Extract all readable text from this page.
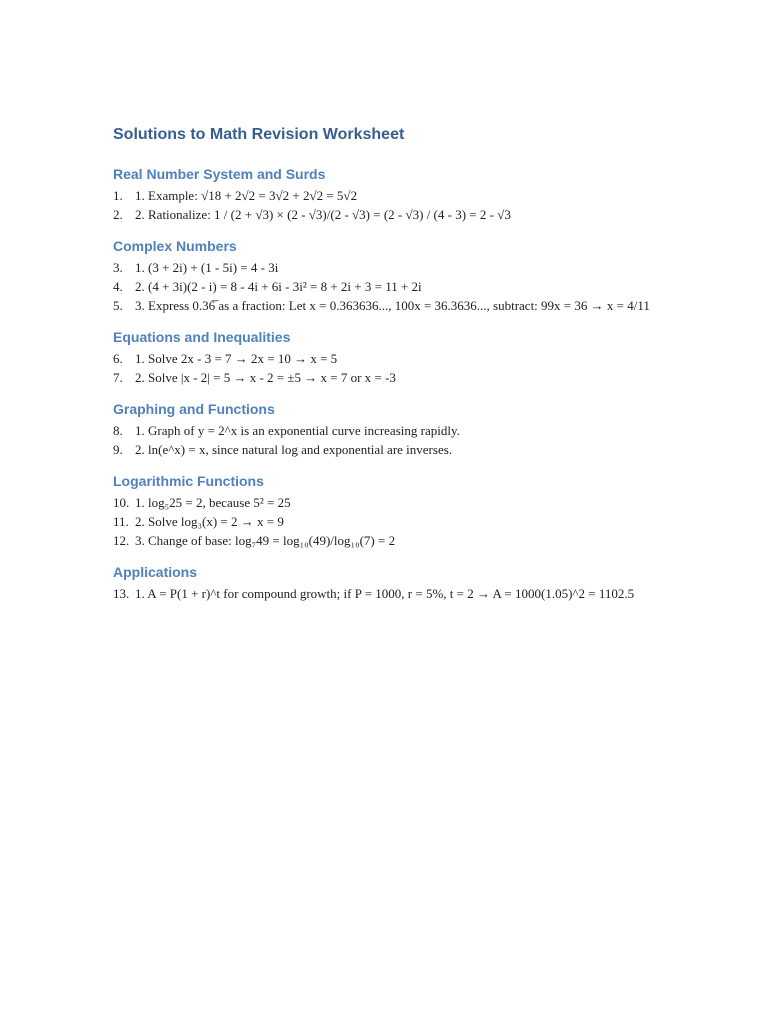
Solutions to Math Revision Worksheet
Real Number System and Surds
1. 1. Example: √18 + 2√2 = 3√2 + 2√2 = 5√2
2. 2. Rationalize: 1 / (2 + √3) × (2 - √3)/(2 - √3) = (2 - √3) / (4 - 3) = 2 - √3
Complex Numbers
3. 1. (3 + 2i) + (1 - 5i) = 4 - 3i
4. 2. (4 + 3i)(2 - i) = 8 - 4i + 6i - 3i² = 8 + 2i + 3 = 11 + 2i
5. 3. Express 0.36̅ as a fraction: Let x = 0.363636..., 100x = 36.3636..., subtract: 99x = 36 → x = 4/11
Equations and Inequalities
6. 1. Solve 2x - 3 = 7 → 2x = 10 → x = 5
7. 2. Solve |x - 2| = 5 → x - 2 = ±5 → x = 7 or x = -3
Graphing and Functions
8. 1. Graph of y = 2^x is an exponential curve increasing rapidly.
9. 2. ln(e^x) = x, since natural log and exponential are inverses.
Logarithmic Functions
10. 1. log₅25 = 2, because 5² = 25
11. 2. Solve log₃(x) = 2 → x = 9
12. 3. Change of base: log₇49 = log₁₀(49)/log₁₀(7) = 2
Applications
13. 1. A = P(1 + r)^t for compound growth; if P = 1000, r = 5%, t = 2 → A = 1000(1.05)^2 = 1102.5
